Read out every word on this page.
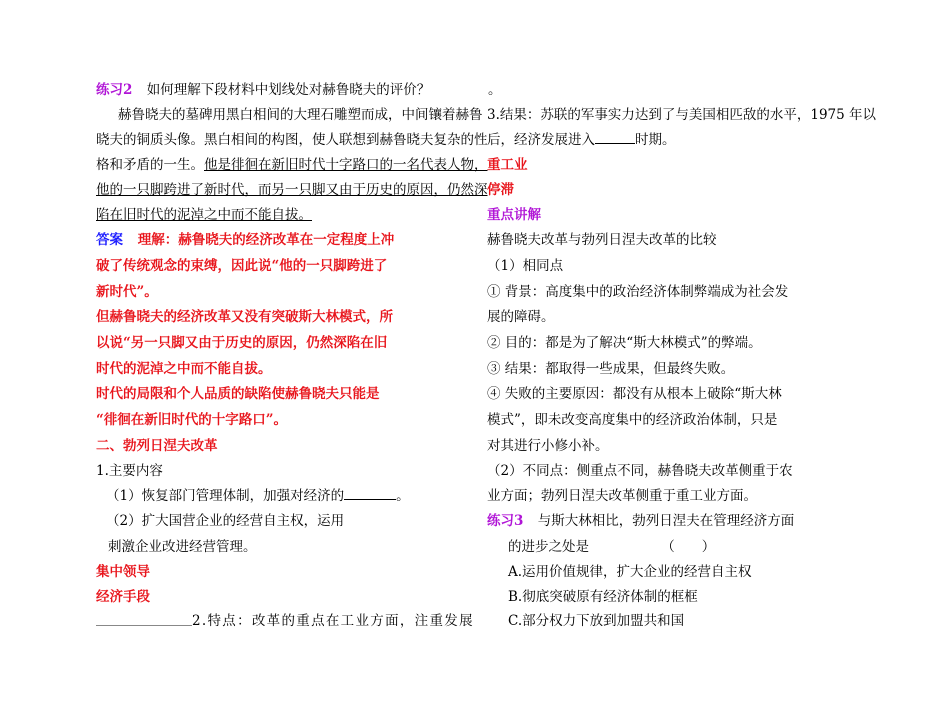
练习2 如何理解下段材料中划线处对赫鲁晓夫的评价？
赫鲁晓夫的墓碑用黑白相间的大理石雕塑而成，中间镶着赫鲁
晓夫的铜质头像。黑白相间的构图，使人联想到赫鲁晓夫复杂的性
格和矛盾的一生。他是徘徊在新旧时代十字路口的一名代表人物，
他的一只脚跨进了新时代，而另一只脚又由于历史的原因，仍然深
陷在旧时代的泥淖之中而不能自拔。
答案 理解：赫鲁晓夫的经济改革在一定程度上冲
破了传统观念的束缚，因此说“他的一只脚跨进了
新时代”。
但赫鲁晓夫的经济改革又没有突破斯大林模式，所
以说“另一只脚又由于历史的原因，仍然深陷在旧
时代的泥淖之中而不能自拔。
时代的局限和个人品质的缺陷使赫鲁晓夫只能是
“徘徊在新旧时代的十字路口”。
二、勃列日涅夫改革
1.主要内容
（1）恢复部门管理体制，加强对经济的	。
（2）扩大国营企业的经营自主权，运用
刺激企业改进经营管理。
集中领导
经济手段
2.特点：改革的重点在工业方面，注重发展
。
3.结果：苏联的军事实力达到了与美国相匹敌的水平，1975 年以
后，经济发展进入	时期。
重工业
停滞
重点讲解
赫鲁晓夫改革与勃列日涅夫改革的比较
（1）相同点
① 背景：高度集中的政治经济体制弊端成为社会发
展的障碍。
② 目的：都是为了解决“斯大林模式”的弊端。
③ 结果：都取得一些成果，但最终失败。
④ 失败的主要原因：都没有从根本上破除“斯大林
模式”，即未改变高度集中的经济政治体制，只是
对其进行小修小补。
（2）不同点：侧重点不同，赫鲁晓夫改革侧重于农
业方面；勃列日涅夫改革侧重于重工业方面。
练习3 与斯大林相比，勃列日涅夫在管理经济方面
的进步之处是	（　　）
A.运用价值规律，扩大企业的经营自主权
B.彻底突破原有经济体制的框框
C.部分权力下放到加盟共和国
